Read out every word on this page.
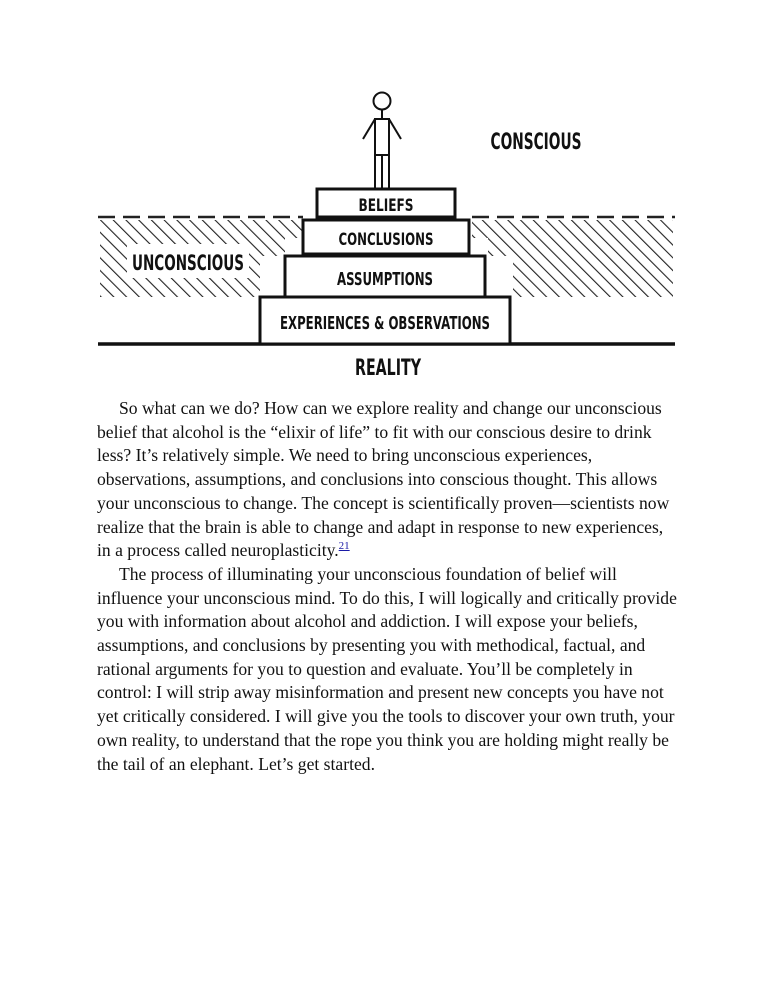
BELIEFS
CONCLUSIONS
ASSUMPTIONS
EXPERIENCES & OBSERVATIONS
CONSCIOUS
UNCONSCIOUS
REALITY

So what can we do? How can we explore reality and change our unconscious belief that alcohol is the “elixir of life” to fit with our conscious desire to drink less? It’s relatively simple. We need to bring unconscious experiences, observations, assumptions, and conclusions into conscious thought. This allows your unconscious to change. The concept is scientifically proven—scientists now realize that the brain is able to change and adapt in response to new experiences, in a process called neuroplasticity.$^{21}$

The process of illuminating your unconscious foundation of belief will influence your unconscious mind. To do this, I will logically and critically provide you with information about alcohol and addiction. I will expose your beliefs, assumptions, and conclusions by presenting you with methodical, factual, and rational arguments for you to question and evaluate. You’ll be completely in control: I will strip away misinformation and present new concepts you have not yet critically considered. I will give you the tools to discover your own truth, your own reality, to understand that the rope you think you are holding might really be the tail of an elephant. Let’s get started.
